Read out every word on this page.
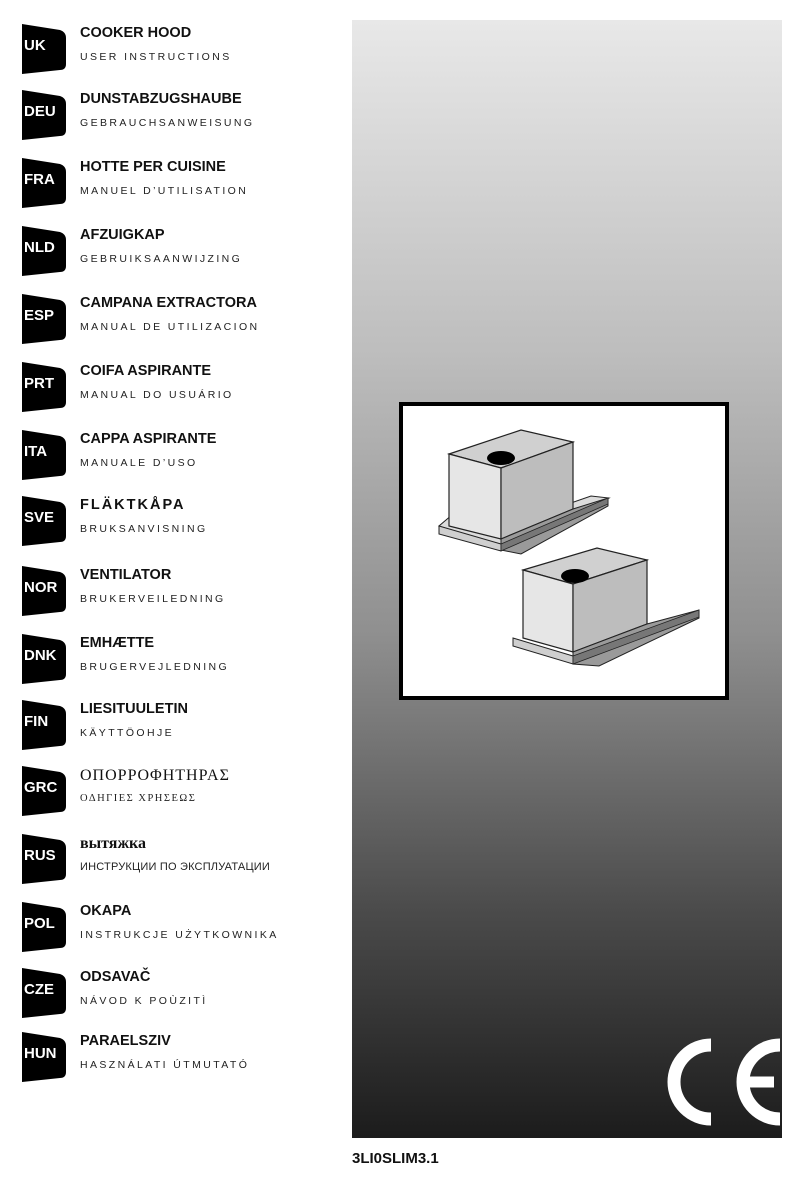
UK
COOKER HOOD
USER INSTRUCTIONS
DEU
DUNSTABZUGSHAUBE
GEBRAUCHSANWEISUNG
FRA
HOTTE PER CUISINE
MANUEL D’UTILISATION
NLD
AFZUIGKAP
GEBRUIKSAANWIJZING
ESP
CAMPANA EXTRACTORA
MANUAL DE UTILIZACION
PRT
COIFA ASPIRANTE
MANUAL DO USUÁRIO
ITA
CAPPA ASPIRANTE
MANUALE D’USO
SVE
FLÄKTKÅPA
BRUKSANVISNING
NOR
VENTILATOR
BRUKERVEILEDNING
DNK
EMHÆTTE
BRUGERVEJLEDNING
FIN
LIESITUULETIN
KÄYTTÖOHJE
GRC
ΟΠΟΡΡΟΦΗΤΗΡΑΣ
ΟΔΗΓΙΕΣ ΧΡΗΣΕΩΣ
RUS
вытяжка
ИНСТРУКЦИИ ПО ЭКСПЛУАТАЦИИ
POL
OKAPA
INSTRUKCJE UŻYTKOWNIKA
CZE
ODSAVAČ
NÁVOD K POÙZITÌ
HUN
PARAELSZIV
HASZNÁLATI ÚTMUTATÓ
3LI0SLIM3.1
